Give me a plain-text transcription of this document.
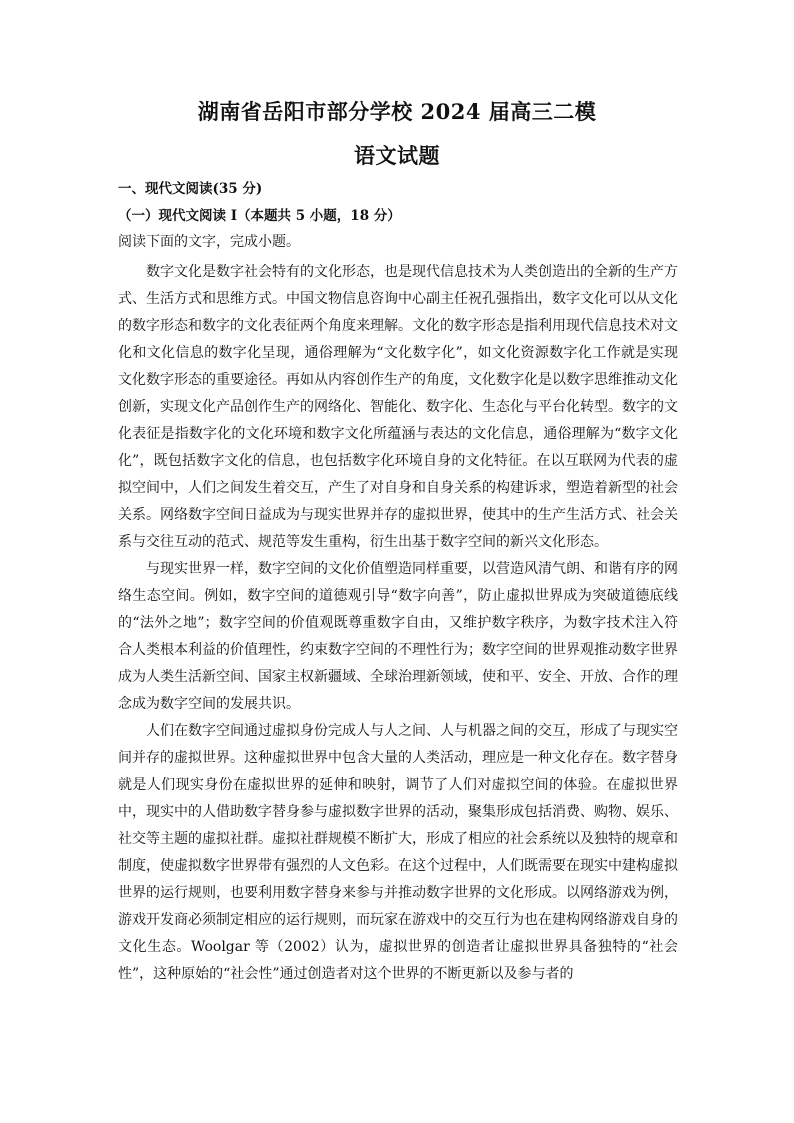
湖南省岳阳市部分学校 2024 届高三二模
语文试题
一、现代文阅读(35 分)
（一）现代文阅读 I（本题共 5 小题，18 分）
阅读下面的文字，完成小题。

数字文化是数字社会特有的文化形态，也是现代信息技术为人类创造出的全新的生产方式、生活方式和思维方式。中国文物信息咨询中心副主任祝孔强指出，数字文化可以从文化的数字形态和数字的文化表征两个角度来理解。文化的数字形态是指利用现代信息技术对文化和文化信息的数字化呈现，通俗理解为“文化数字化”，如文化资源数字化工作就是实现文化数字形态的重要途径。再如从内容创作生产的角度，文化数字化是以数字思维推动文化创新，实现文化产品创作生产的网络化、智能化、数字化、生态化与平台化转型。数字的文化表征是指数字化的文化环境和数字文化所蕴涵与表达的文化信息，通俗理解为“数字文化化”，既包括数字文化的信息，也包括数字化环境自身的文化特征。在以互联网为代表的虚拟空间中，人们之间发生着交互，产生了对自身和自身关系的构建诉求，塑造着新型的社会关系。网络数字空间日益成为与现实世界并存的虚拟世界，使其中的生产生活方式、社会关系与交往互动的范式、规范等发生重构，衍生出基于数字空间的新兴文化形态。

与现实世界一样，数字空间的文化价值塑造同样重要，以营造风清气朗、和谐有序的网络生态空间。例如，数字空间的道德观引导“数字向善”，防止虚拟世界成为突破道德底线的“法外之地”；数字空间的价值观既尊重数字自由，又维护数字秩序，为数字技术注入符合人类根本利益的价值理性，约束数字空间的不理性行为；数字空间的世界观推动数字世界成为人类生活新空间、国家主权新疆域、全球治理新领域，使和平、安全、开放、合作的理念成为数字空间的发展共识。

人们在数字空间通过虚拟身份完成人与人之间、人与机器之间的交互，形成了与现实空间并存的虚拟世界。这种虚拟世界中包含大量的人类活动，理应是一种文化存在。数字替身就是人们现实身份在虚拟世界的延伸和映射，调节了人们对虚拟空间的体验。在虚拟世界中，现实中的人借助数字替身参与虚拟数字世界的活动，聚集形成包括消费、购物、娱乐、社交等主题的虚拟社群。虚拟社群规模不断扩大，形成了相应的社会系统以及独特的规章和制度，使虚拟数字世界带有强烈的人文色彩。在这个过程中，人们既需要在现实中建构虚拟世界的运行规则，也要利用数字替身来参与并推动数字世界的文化形成。以网络游戏为例，游戏开发商必须制定相应的运行规则，而玩家在游戏中的交互行为也在建构网络游戏自身的文化生态。Woolgar 等（2002）认为，虚拟世界的创造者让虚拟世界具备独特的“社会性”，这种原始的“社会性”通过创造者对这个世界的不断更新以及参与者的
